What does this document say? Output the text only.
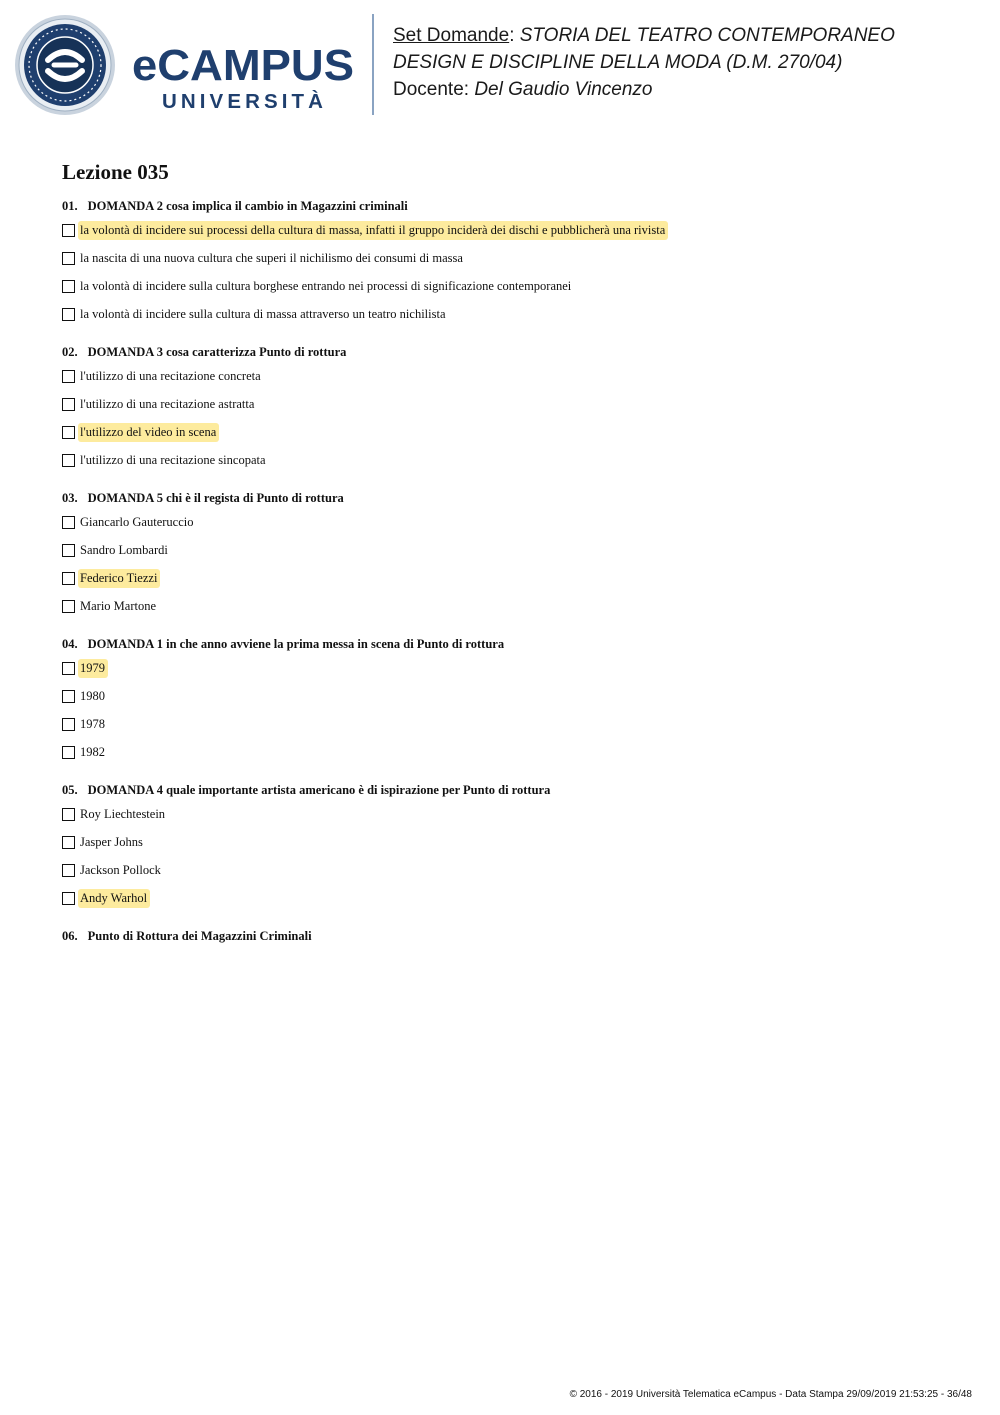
eCAMPUS
UNIVERSITÀ
Set Domande: STORIA DEL TEATRO CONTEMPORANEO
DESIGN E DISCIPLINE DELLA MODA (D.M. 270/04)
Docente: Del Gaudio Vincenzo
Lezione 035
01. DOMANDA 2 cosa implica il cambio in Magazzini criminali
la volontà di incidere sui processi della cultura di massa, infatti il gruppo inciderà dei dischi e pubblicherà una rivista
la nascita di una nuova cultura che superi il nichilismo dei consumi di massa
la volontà di incidere sulla cultura borghese entrando nei processi di significazione contemporanei
la volontà di incidere sulla cultura di massa attraverso un teatro nichilista
02. DOMANDA 3 cosa caratterizza Punto di rottura
l'utilizzo di una recitazione concreta
l'utilizzo di una recitazione astratta
l'utilizzo del video in scena
l'utilizzo di una recitazione sincopata
03. DOMANDA 5 chi è il regista di Punto di rottura
Giancarlo Gauteruccio
Sandro Lombardi
Federico Tiezzi
Mario Martone
04. DOMANDA 1 in che anno avviene la prima messa in scena di Punto di rottura
1979
1980
1978
1982
05. DOMANDA 4 quale importante artista americano è di ispirazione per Punto di rottura
Roy Liechtestein
Jasper Johns
Jackson Pollock
Andy Warhol
06. Punto di Rottura dei Magazzini Criminali
© 2016 - 2019 Università Telematica eCampus - Data Stampa 29/09/2019 21:53:25 - 36/48
